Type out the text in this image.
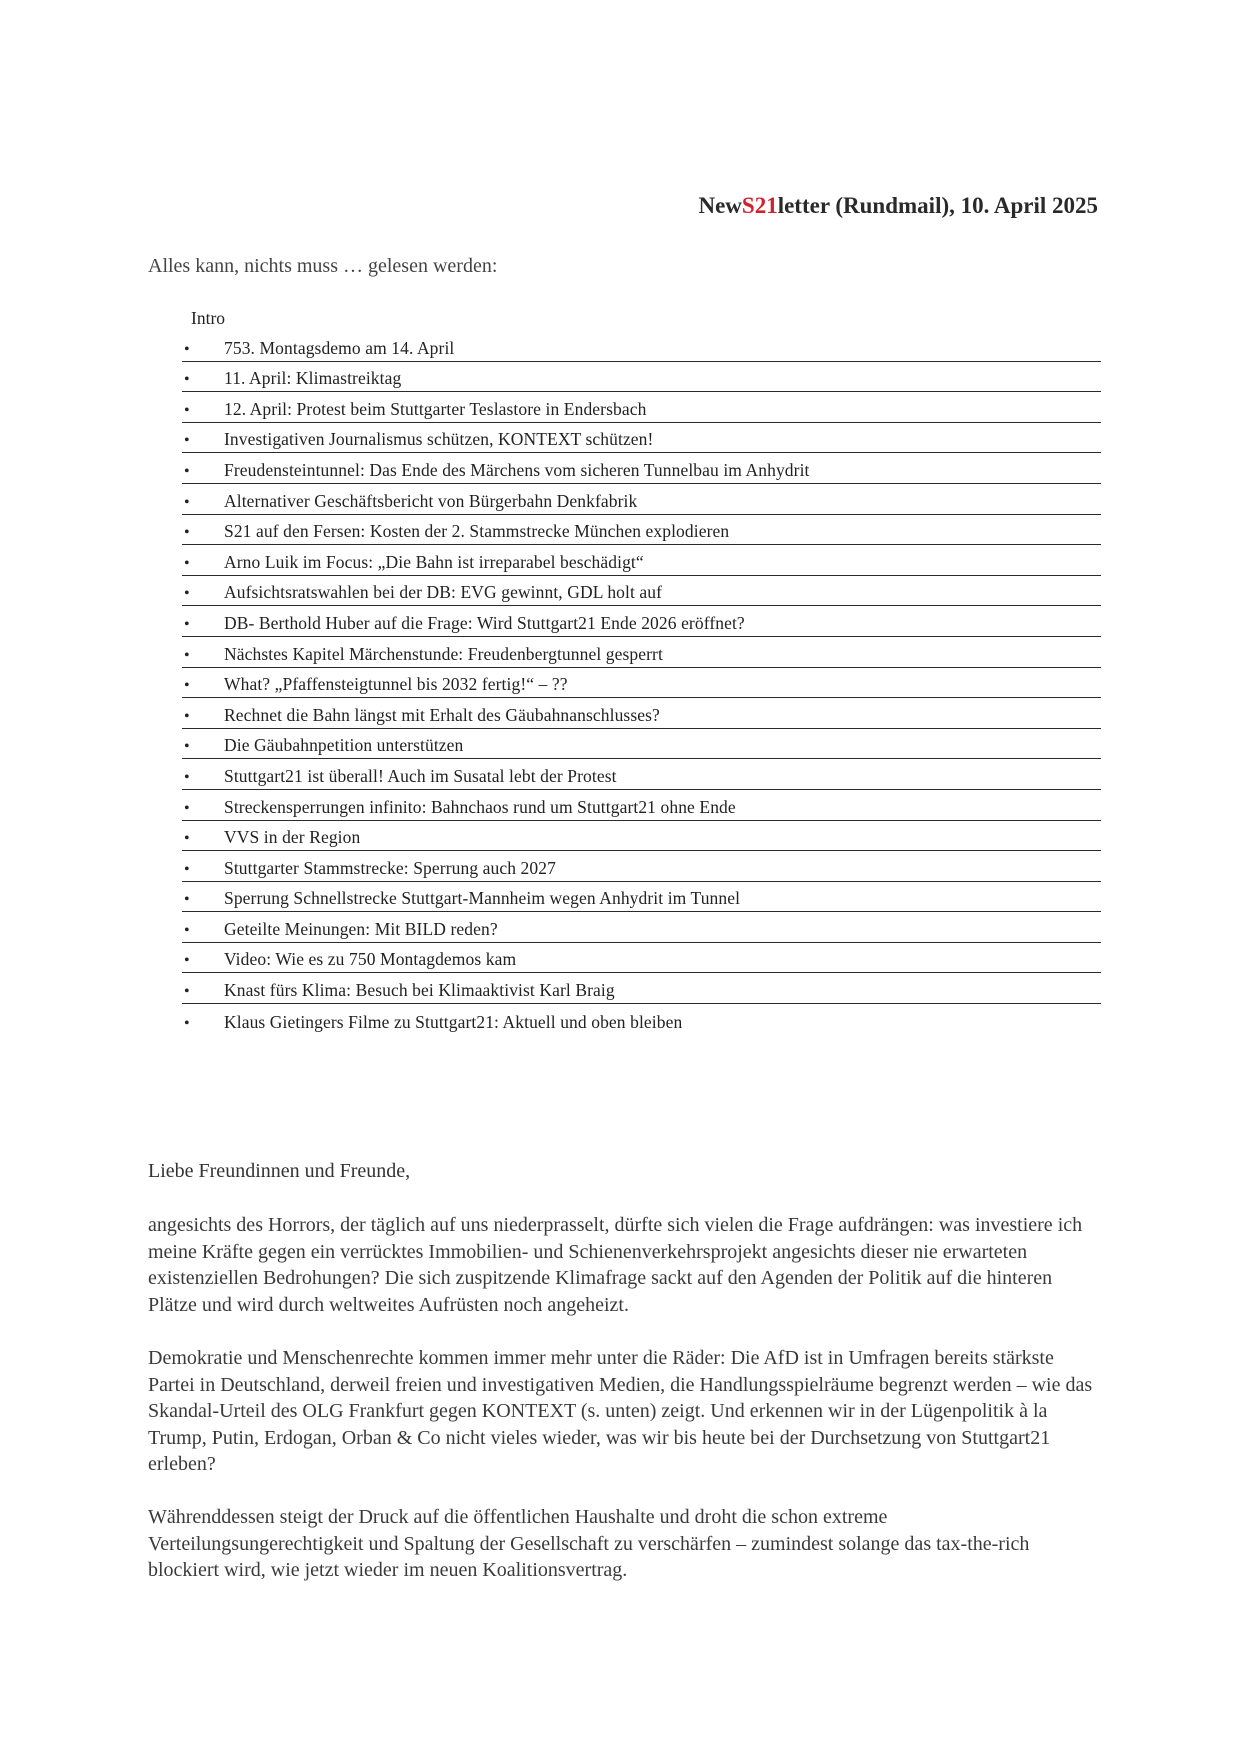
NewS21letter (Rundmail), 10. April 2025
Alles kann, nichts muss … gelesen werden:
Intro
•	753. Montagsdemo am 14. April
•	11. April: Klimastreiktag
•	12. April: Protest beim Stuttgarter Teslastore in Endersbach
•	Investigativen Journalismus schützen, KONTEXT schützen!
•	Freudensteintunnel: Das Ende des Märchens vom sicheren Tunnelbau im Anhydrit
•	Alternativer Geschäftsbericht von Bürgerbahn Denkfabrik
•	S21 auf den Fersen: Kosten der 2. Stammstrecke München explodieren
•	Arno Luik im Focus: „Die Bahn ist irreparabel beschädigt“
•	Aufsichtsratswahlen bei der DB: EVG gewinnt, GDL holt auf
•	DB- Berthold Huber auf die Frage: Wird Stuttgart21 Ende 2026 eröffnet?
•	Nächstes Kapitel Märchenstunde: Freudenbergtunnel gesperrt
•	What? „Pfaffensteigtunnel bis 2032 fertig!“ – ??
•	Rechnet die Bahn längst mit Erhalt des Gäubahnanschlusses?
•	Die Gäubahnpetition unterstützen
•	Stuttgart21 ist überall! Auch im Susatal lebt der Protest
•	Streckensperrungen infinito: Bahnchaos rund um Stuttgart21 ohne Ende
•	VVS in der Region
•	Stuttgarter Stammstrecke: Sperrung auch 2027
•	Sperrung Schnellstrecke Stuttgart-Mannheim wegen Anhydrit im Tunnel
•	Geteilte Meinungen: Mit BILD reden?
•	Video: Wie es zu 750 Montagdemos kam
•	Knast fürs Klima: Besuch bei Klimaaktivist Karl Braig
•	Klaus Gietingers Filme zu Stuttgart21: Aktuell und oben bleiben
Liebe Freundinnen und Freunde,

angesichts des Horrors, der täglich auf uns niederprasselt, dürfte sich vielen die Frage aufdrängen: was investiere ich meine Kräfte gegen ein verrücktes Immobilien- und Schienenverkehrsprojekt angesichts dieser nie erwarteten existenziellen Bedrohungen? Die sich zuspitzende Klimafrage sackt auf den Agenden der Politik auf die hinteren Plätze und wird durch weltweites Aufrüsten noch angeheizt.

Demokratie und Menschenrechte kommen immer mehr unter die Räder: Die AfD ist in Umfragen bereits stärkste Partei in Deutschland, derweil freien und investigativen Medien, die Handlungsspielräume begrenzt werden – wie das Skandal-Urteil des OLG Frankfurt gegen KONTEXT (s. unten) zeigt. Und erkennen wir in der Lügenpolitik à la Trump, Putin, Erdogan, Orban & Co nicht vieles wieder, was wir bis heute bei der Durchsetzung von Stuttgart21 erleben?

Währenddessen steigt der Druck auf die öffentlichen Haushalte und droht die schon extreme Verteilungsungerechtigkeit und Spaltung der Gesellschaft zu verschärfen – zumindest solange das tax-the-rich blockiert wird, wie jetzt wieder im neuen Koalitionsvertrag.
